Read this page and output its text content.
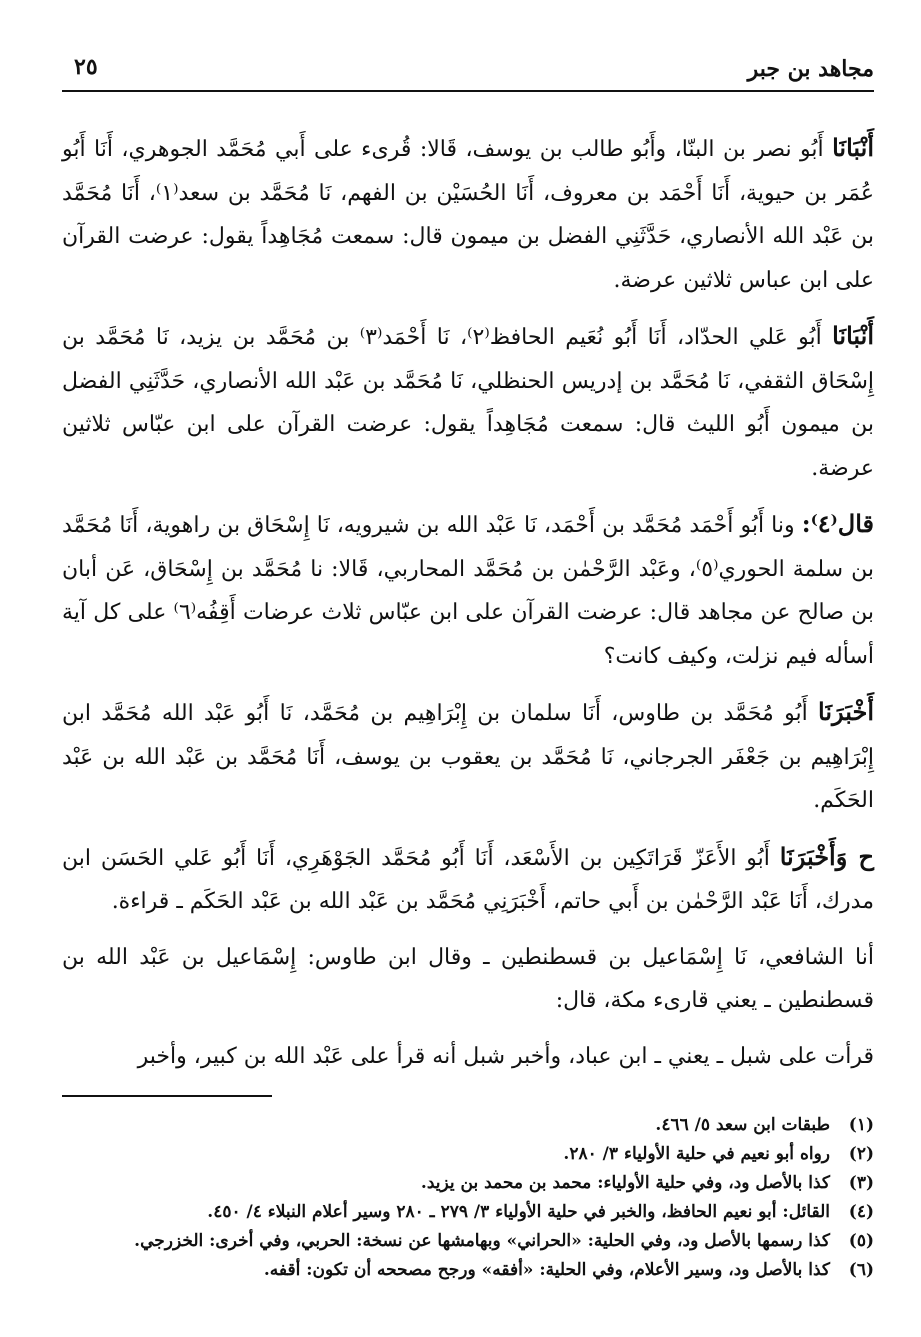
مجاهد بن جبر
٢٥

أَنْبَانَا أَبُو نصر بن البنّا، وأَبُو طالب بن يوسف، قَالا: قُرىء على أَبي مُحَمَّد الجوهري، أَنَا أَبُو عُمَر بن حيوية، أَنَا أَحْمَد بن معروف، أَنَا الحُسَيْن بن الفهم، نَا مُحَمَّد بن سعد⁽١⁾، أَنَا مُحَمَّد بن عَبْد الله الأنصاري، حَدَّثَنِي الفضل بن ميمون قال: سمعت مُجَاهِداً يقول: عرضت القرآن على ابن عباس ثلاثين عرضة.

أَنْبَانَا أَبُو عَلي الحدّاد، أَنَا أَبُو نُعَيم الحافظ⁽٢⁾، نَا أَحْمَد⁽٣⁾ بن مُحَمَّد بن يزيد، نَا مُحَمَّد بن إِسْحَاق الثقفي، نَا مُحَمَّد بن إدريس الحنظلي، نَا مُحَمَّد بن عَبْد الله الأنصاري، حَدَّثَنِي الفضل بن ميمون أَبُو الليث قال: سمعت مُجَاهِداً يقول: عرضت القرآن على ابن عبّاس ثلاثين عرضة.

قال⁽٤⁾: ونا أَبُو أَحْمَد مُحَمَّد بن أَحْمَد، نَا عَبْد الله بن شيرويه، نَا إِسْحَاق بن راهوية، أَنَا مُحَمَّد بن سلمة الحوري⁽٥⁾، وعَبْد الرَّحْمٰن بن مُحَمَّد المحاربي، قَالا: نا مُحَمَّد بن إِسْحَاق، عَن أبان بن صالح عن مجاهد قال: عرضت القرآن على ابن عبّاس ثلاث عرضات أَقِفُه⁽٦⁾ على كل آية أسأله فيم نزلت، وكيف كانت؟

أَخْبَرَنَا أَبُو مُحَمَّد بن طاوس، أَنَا سلمان بن إِبْرَاهِيم بن مُحَمَّد، نَا أَبُو عَبْد الله مُحَمَّد ابن إِبْرَاهِيم بن جَعْفَر الجرجاني، نَا مُحَمَّد بن يعقوب بن يوسف، أَنَا مُحَمَّد بن عَبْد الله بن عَبْد الحَكَم.

ح وَأَخْبَرَنَا أَبُو الأَعَزّ قَرَاتَكِين بن الأَسْعَد، أَنَا أَبُو مُحَمَّد الجَوْهَرِي، أَنَا أَبُو عَلي الحَسَن ابن مدرك، أَنَا عَبْد الرَّحْمٰن بن أَبي حاتم، أَخْبَرَنِي مُحَمَّد بن عَبْد الله بن عَبْد الحَكَم ـ قراءة.

أنا الشافعي، نَا إِسْمَاعيل بن قسطنطين ـ وقال ابن طاوس: إِسْمَاعيل بن عَبْد الله بن قسطنطين ـ يعني قارىء مكة، قال:

قرأت على شبل ـ يعني ـ ابن عباد، وأخبر شبل أنه قرأ على عَبْد الله بن كبير، وأخبر

(١)طبقات ابن سعد ٥/ ٤٦٦.
(٢)رواه أبو نعيم في حلية الأولياء ٣/ ٢٨٠.
(٣)كذا بالأصل ود، وفي حلية الأولياء: محمد بن محمد بن يزيد.
(٤)القائل: أبو نعيم الحافظ، والخبر في حلية الأولياء ٣/ ٢٧٩ ـ ٢٨٠ وسير أعلام النبلاء ٤/ ٤٥٠.
(٥)كذا رسمها بالأصل ود، وفي الحلية: «الحراني» وبهامشها عن نسخة: الحربي، وفي أخرى: الخزرجي.
(٦)كذا بالأصل ود، وسير الأعلام، وفي الحلية: «أفقه» ورجح مصححه أن تكون: أقفه.
